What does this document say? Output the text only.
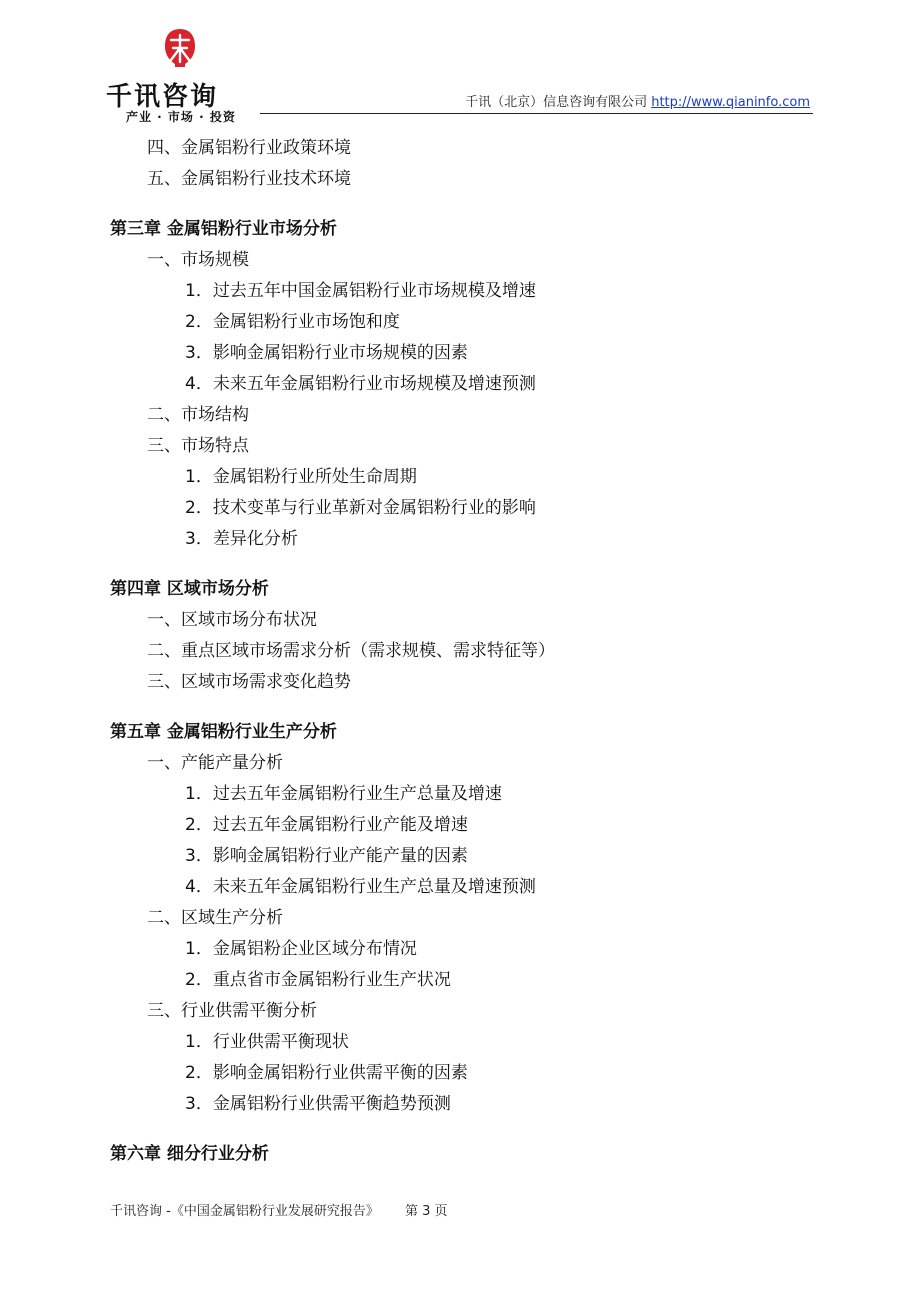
千讯咨询
产业 · 市场 · 投资
千讯（北京）信息咨询有限公司 http://www.qianinfo.com
四、金属铝粉行业政策环境
五、金属铝粉行业技术环境
第三章 金属铝粉行业市场分析
一、市场规模
1．过去五年中国金属铝粉行业市场规模及增速
2．金属铝粉行业市场饱和度
3．影响金属铝粉行业市场规模的因素
4．未来五年金属铝粉行业市场规模及增速预测
二、市场结构
三、市场特点
1．金属铝粉行业所处生命周期
2．技术变革与行业革新对金属铝粉行业的影响
3．差异化分析
第四章 区域市场分析
一、区域市场分布状况
二、重点区域市场需求分析（需求规模、需求特征等）
三、区域市场需求变化趋势
第五章 金属铝粉行业生产分析
一、产能产量分析
1．过去五年金属铝粉行业生产总量及增速
2．过去五年金属铝粉行业产能及增速
3．影响金属铝粉行业产能产量的因素
4．未来五年金属铝粉行业生产总量及增速预测
二、区域生产分析
1．金属铝粉企业区域分布情况
2．重点省市金属铝粉行业生产状况
三、行业供需平衡分析
1．行业供需平衡现状
2．影响金属铝粉行业供需平衡的因素
3．金属铝粉行业供需平衡趋势预测
第六章 细分行业分析
千讯咨询 -《中国金属铝粉行业发展研究报告》 第 3 页
